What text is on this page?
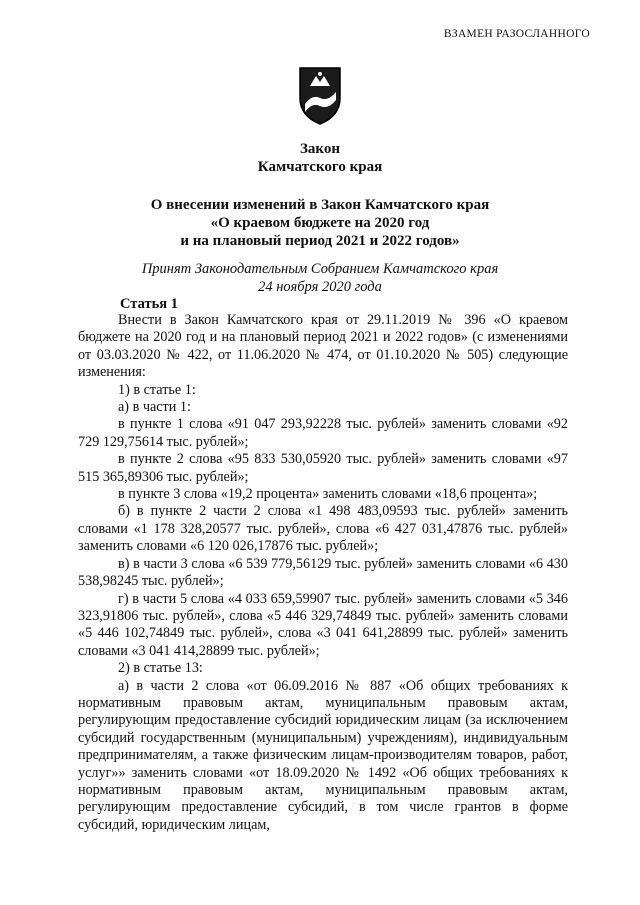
ВЗАМЕН РАЗОСЛАННОГО
Закон
Камчатского края
О внесении изменений в Закон Камчатского края
«О краевом бюджете на 2020 год
и на плановый период 2021 и 2022 годов»
Принят Законодательным Собранием Камчатского края
24 ноября 2020 года
Статья 1

Внести в Закон Камчатского края от 29.11.2019 № 396 «О краевом бюджете на 2020 год и на плановый период 2021 и 2022 годов» (с изменениями от 03.03.2020 № 422, от 11.06.2020 № 474, от 01.10.2020 № 505) следующие изменения:

1) в статье 1:

а) в части 1:

в пункте 1 слова «91 047 293,92228 тыс. рублей» заменить словами «92 729 129,75614 тыс. рублей»;

в пункте 2 слова «95 833 530,05920 тыс. рублей» заменить словами «97 515 365,89306 тыс. рублей»;

в пункте 3 слова «19,2 процента» заменить словами «18,6 процента»;

б) в пункте 2 части 2 слова «1 498 483,09593 тыс. рублей» заменить словами «1 178 328,20577 тыс. рублей», слова «6 427 031,47876 тыс. рублей» заменить словами «6 120 026,17876 тыс. рублей»;

в) в части 3 слова «6 539 779,56129 тыс. рублей» заменить словами «6 430 538,98245 тыс. рублей»;

г) в части 5 слова «4 033 659,59907 тыс. рублей» заменить словами «5 346 323,91806 тыс. рублей», слова «5 446 329,74849 тыс. рублей» заменить словами «5 446 102,74849 тыс. рублей», слова «3 041 641,28899 тыс. рублей» заменить словами «3 041 414,28899 тыс. рублей»;

2) в статье 13:

а) в части 2 слова «от 06.09.2016 № 887 «Об общих требованиях к нормативным правовым актам, муниципальным правовым актам, регулирующим предоставление субсидий юридическим лицам (за исключением субсидий государственным (муниципальным) учреждениям), индивидуальным предпринимателям, а также физическим лицам-производителям товаров, работ, услуг»» заменить словами «от 18.09.2020 № 1492 «Об общих требованиях к нормативным правовым актам, муниципальным правовым актам, регулирующим предоставление субсидий, в том числе грантов в форме субсидий, юридическим лицам,
